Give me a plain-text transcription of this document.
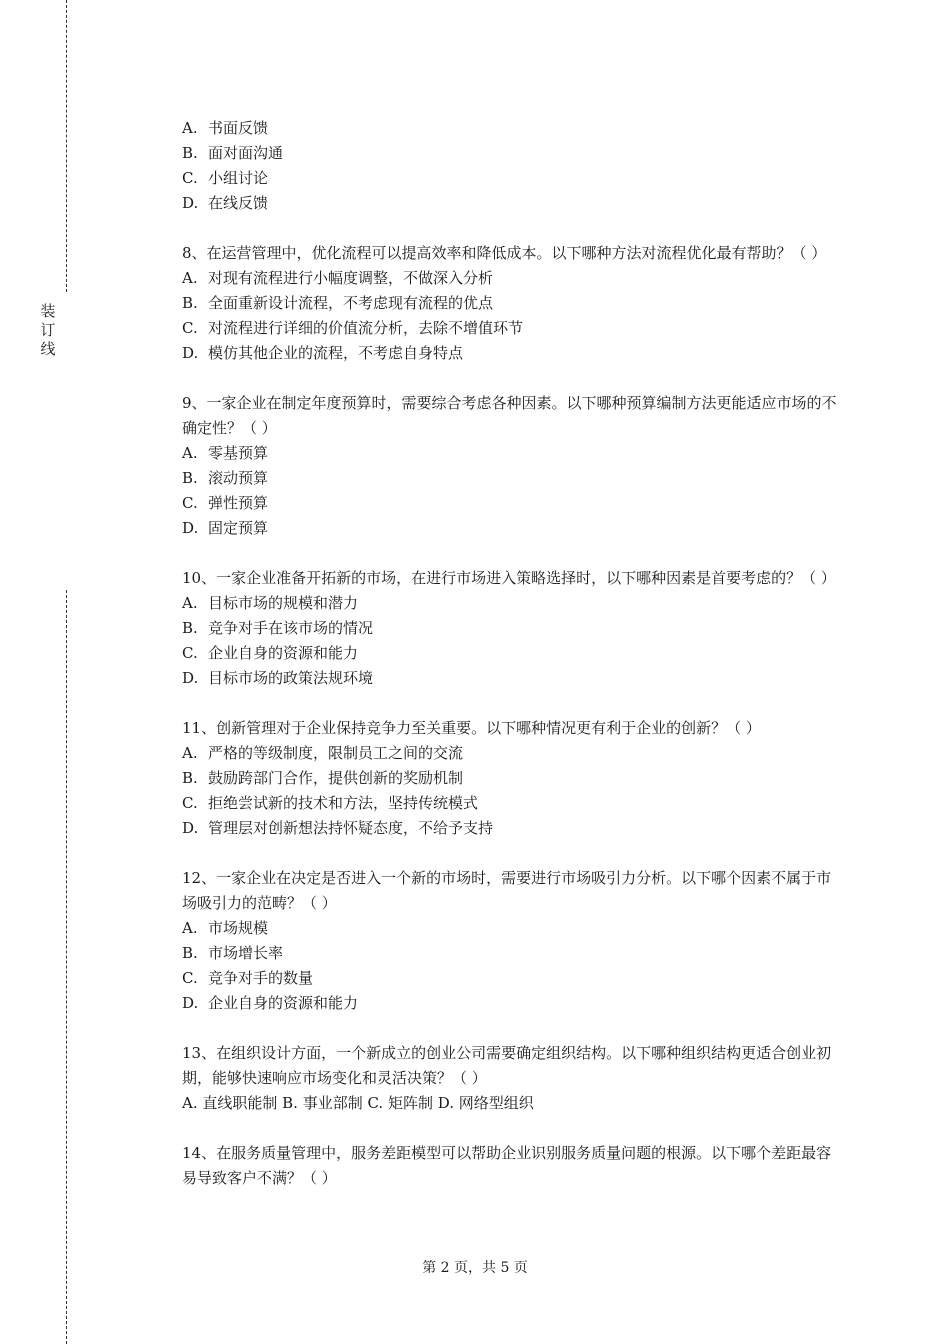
装
订
线

A. 书面反馈

B. 面对面沟通

C. 小组讨论

D. 在线反馈

8、在运营管理中，优化流程可以提高效率和降低成本。以下哪种方法对流程优化最有帮助？（ ）

A. 对现有流程进行小幅度调整，不做深入分析

B. 全面重新设计流程，不考虑现有流程的优点

C. 对流程进行详细的价值流分析，去除不增值环节

D. 模仿其他企业的流程，不考虑自身特点

9、一家企业在制定年度预算时，需要综合考虑各种因素。以下哪种预算编制方法更能适应市场的不确定性？（ ）

A. 零基预算

B. 滚动预算

C. 弹性预算

D. 固定预算

10、一家企业准备开拓新的市场，在进行市场进入策略选择时，以下哪种因素是首要考虑的？（ ）

A. 目标市场的规模和潜力

B. 竞争对手在该市场的情况

C. 企业自身的资源和能力

D. 目标市场的政策法规环境

11、创新管理对于企业保持竞争力至关重要。以下哪种情况更有利于企业的创新？（ ）

A. 严格的等级制度，限制员工之间的交流

B. 鼓励跨部门合作，提供创新的奖励机制

C. 拒绝尝试新的技术和方法，坚持传统模式

D. 管理层对创新想法持怀疑态度，不给予支持

12、一家企业在决定是否进入一个新的市场时，需要进行市场吸引力分析。以下哪个因素不属于市场吸引力的范畴？（ ）

A. 市场规模

B. 市场增长率

C. 竞争对手的数量

D. 企业自身的资源和能力

13、在组织设计方面，一个新成立的创业公司需要确定组织结构。以下哪种组织结构更适合创业初期，能够快速响应市场变化和灵活决策？（ ）

A. 直线职能制 B. 事业部制 C. 矩阵制 D. 网络型组织

14、在服务质量管理中，服务差距模型可以帮助企业识别服务质量问题的根源。以下哪个差距最容易导致客户不满？（ ）

第 2 页，共 5 页
